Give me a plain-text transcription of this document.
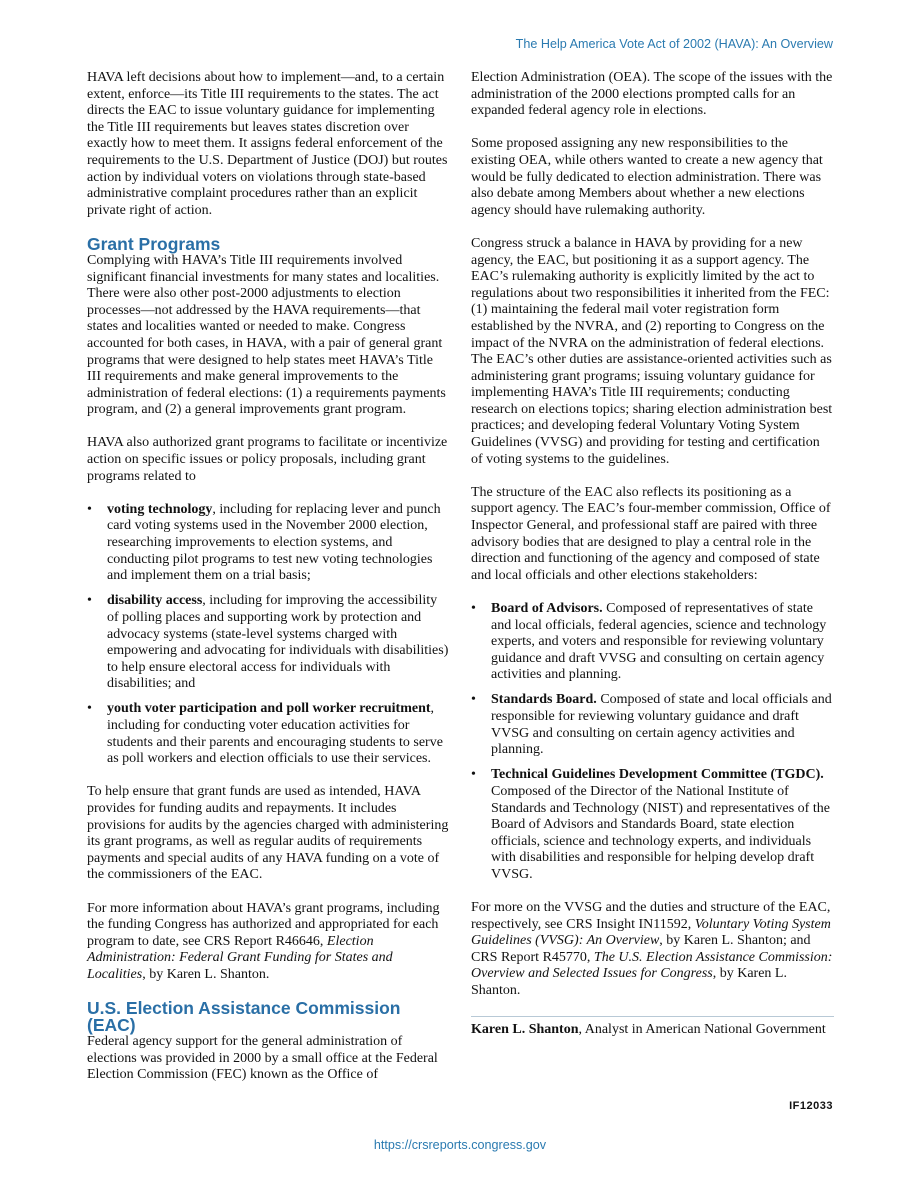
The Help America Vote Act of 2002 (HAVA): An Overview

HAVA left decisions about how to implement—and, to a certain extent, enforce—its Title III requirements to the states. The act directs the EAC to issue voluntary guidance for implementing the Title III requirements but leaves states discretion over exactly how to meet them. It assigns federal enforcement of the requirements to the U.S. Department of Justice (DOJ) but routes action by individual voters on violations through state-based administrative complaint procedures rather than an explicit private right of action.

Grant Programs

Complying with HAVA’s Title III requirements involved significant financial investments for many states and localities. There were also other post-2000 adjustments to election processes—not addressed by the HAVA requirements—that states and localities wanted or needed to make. Congress accounted for both cases, in HAVA, with a pair of general grant programs that were designed to help states meet HAVA’s Title III requirements and make general improvements to the administration of federal elections: (1) a requirements payments program, and (2) a general improvements grant program.

HAVA also authorized grant programs to facilitate or incentivize action on specific issues or policy proposals, including grant programs related to

• voting technology, including for replacing lever and punch card voting systems used in the November 2000 election, researching improvements to election systems, and conducting pilot programs to test new voting technologies and implement them on a trial basis;
• disability access, including for improving the accessibility of polling places and supporting work by protection and advocacy systems (state-level systems charged with empowering and advocating for individuals with disabilities) to help ensure electoral access for individuals with disabilities; and
• youth voter participation and poll worker recruitment, including for conducting voter education activities for students and their parents and encouraging students to serve as poll workers and election officials to use their services.

To help ensure that grant funds are used as intended, HAVA provides for funding audits and repayments. It includes provisions for audits by the agencies charged with administering its grant programs, as well as regular audits of requirements payments and special audits of any HAVA funding on a vote of the commissioners of the EAC.

For more information about HAVA’s grant programs, including the funding Congress has authorized and appropriated for each program to date, see CRS Report R46646, Election Administration: Federal Grant Funding for States and Localities, by Karen L. Shanton.

U.S. Election Assistance Commission (EAC)

Federal agency support for the general administration of elections was provided in 2000 by a small office at the Federal Election Commission (FEC) known as the Office of

Election Administration (OEA). The scope of the issues with the administration of the 2000 elections prompted calls for an expanded federal agency role in elections.

Some proposed assigning any new responsibilities to the existing OEA, while others wanted to create a new agency that would be fully dedicated to election administration. There was also debate among Members about whether a new elections agency should have rulemaking authority.

Congress struck a balance in HAVA by providing for a new agency, the EAC, but positioning it as a support agency. The EAC’s rulemaking authority is explicitly limited by the act to regulations about two responsibilities it inherited from the FEC: (1) maintaining the federal mail voter registration form established by the NVRA, and (2) reporting to Congress on the impact of the NVRA on the administration of federal elections. The EAC’s other duties are assistance-oriented activities such as administering grant programs; issuing voluntary guidance for implementing HAVA’s Title III requirements; conducting research on elections topics; sharing election administration best practices; and developing federal Voluntary Voting System Guidelines (VVSG) and providing for testing and certification of voting systems to the guidelines.

The structure of the EAC also reflects its positioning as a support agency. The EAC’s four-member commission, Office of Inspector General, and professional staff are paired with three advisory bodies that are designed to play a central role in the direction and functioning of the agency and composed of state and local officials and other elections stakeholders:

• Board of Advisors. Composed of representatives of state and local officials, federal agencies, science and technology experts, and voters and responsible for reviewing voluntary guidance and draft VVSG and consulting on certain agency activities and planning.
• Standards Board. Composed of state and local officials and responsible for reviewing voluntary guidance and draft VVSG and consulting on certain agency activities and planning.
• Technical Guidelines Development Committee (TGDC). Composed of the Director of the National Institute of Standards and Technology (NIST) and representatives of the Board of Advisors and Standards Board, state election officials, science and technology experts, and individuals with disabilities and responsible for helping develop draft VVSG.

For more on the VVSG and the duties and structure of the EAC, respectively, see CRS Insight IN11592, Voluntary Voting System Guidelines (VVSG): An Overview, by Karen L. Shanton; and CRS Report R45770, The U.S. Election Assistance Commission: Overview and Selected Issues for Congress, by Karen L. Shanton.

Karen L. Shanton, Analyst in American National Government

IF12033
https://crsreports.congress.gov
